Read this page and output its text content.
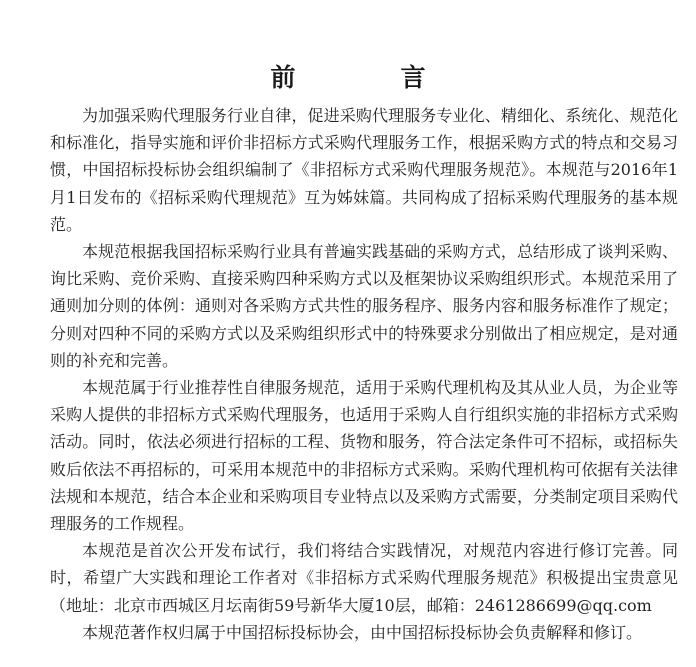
前　言

为加强采购代理服务行业自律，促进采购代理服务专业化、精细化、系统化、规范化和标准化，指导实施和评价非招标方式采购代理服务工作，根据采购方式的特点和交易习惯，中国招标投标协会组织编制了《非招标方式采购代理服务规范》。本规范与2016年1月1日发布的《招标采购代理规范》互为姊妹篇。共同构成了招标采购代理服务的基本规范。

本规范根据我国招标采购行业具有普遍实践基础的采购方式，总结形成了谈判采购、询比采购、竞价采购、直接采购四种采购方式以及框架协议采购组织形式。本规范采用了通则加分则的体例：通则对各采购方式共性的服务程序、服务内容和服务标准作了规定；分则对四种不同的采购方式以及采购组织形式中的特殊要求分别做出了相应规定，是对通则的补充和完善。

本规范属于行业推荐性自律服务规范，适用于采购代理机构及其从业人员，为企业等采购人提供的非招标方式采购代理服务，也适用于采购人自行组织实施的非招标方式采购活动。同时，依法必须进行招标的工程、货物和服务，符合法定条件可不招标，或招标失败后依法不再招标的，可采用本规范中的非招标方式采购。采购代理机构可依据有关法律法规和本规范，结合本企业和采购项目专业特点以及采购方式需要，分类制定项目采购代理服务的工作规程。

本规范是首次公开发布试行，我们将结合实践情况，对规范内容进行修订完善。同时，希望广大实践和理论工作者对《非招标方式采购代理服务规范》积极提出宝贵意见（地址：北京市西城区月坛南街59号新华大厦10层，邮箱：2461286699@qq.com

本规范著作权归属于中国招标投标协会，由中国招标投标协会负责解释和修订。
